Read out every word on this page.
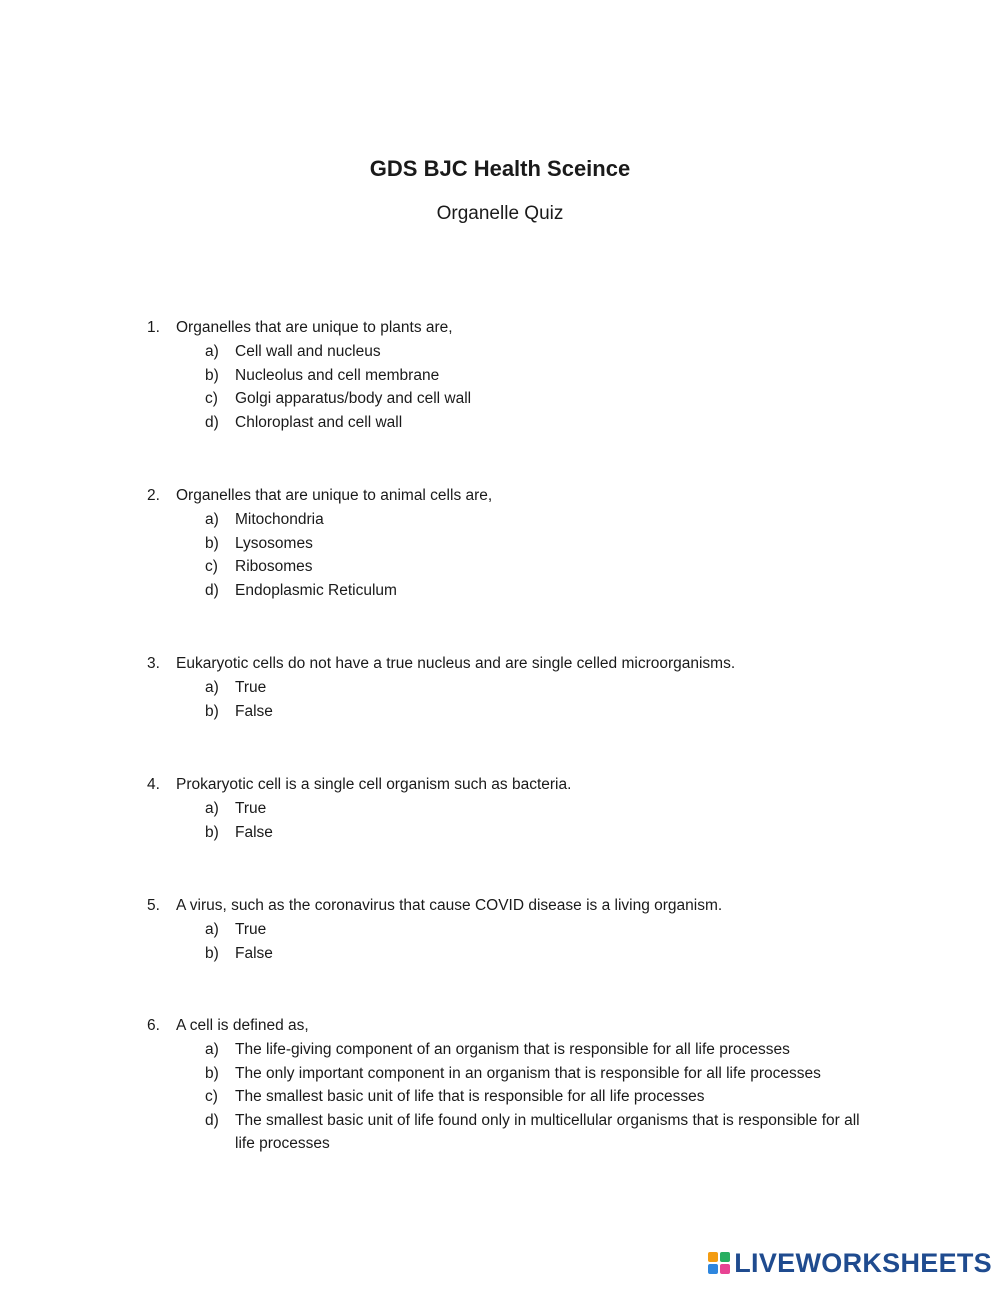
GDS BJC Health Sceince
Organelle Quiz
1. Organelles that are unique to plants are,
a) Cell wall and nucleus
b) Nucleolus and cell membrane
c) Golgi apparatus/body and cell wall
d) Chloroplast and cell wall
2. Organelles that are unique to animal cells are,
a) Mitochondria
b) Lysosomes
c) Ribosomes
d) Endoplasmic Reticulum
3. Eukaryotic cells do not have a true nucleus and are single celled microorganisms.
a) True
b) False
4. Prokaryotic cell is a single cell organism such as bacteria.
a) True
b) False
5. A virus, such as the coronavirus that cause COVID disease is a living organism.
a) True
b) False
6. A cell is defined as,
a) The life-giving component of an organism that is responsible for all life processes
b) The only important component in an organism that is responsible for all life processes
c) The smallest basic unit of life that is responsible for all life processes
d) The smallest basic unit of life found only in multicellular organisms that is responsible for all life processes
LIVEWORKSHEETS
